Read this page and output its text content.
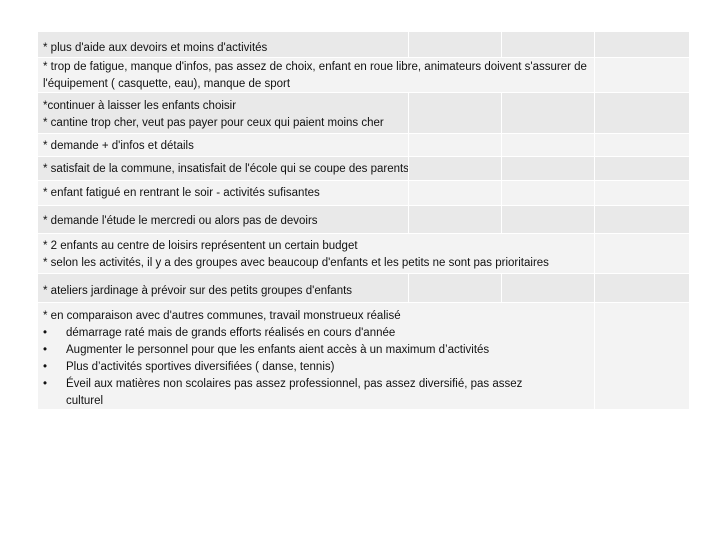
* plus d'aide aux devoirs et moins d'activités
* trop de fatigue, manque d'infos, pas assez de choix, enfant en roue libre, animateurs doivent s'assurer de
l'équipement ( casquette, eau), manque de sport
*continuer à laisser les enfants choisir
* cantine trop cher, veut pas payer pour ceux qui paient moins cher
* demande + d'infos et détails
* satisfait de la commune, insatisfait de l'école qui se coupe des parents
* enfant fatigué en rentrant le soir - activités sufisantes
* demande l'étude le mercredi ou alors pas de devoirs
* 2 enfants au centre de loisirs représentent un certain budget
* selon les activités, il y a des groupes avec beaucoup d'enfants et les petits ne sont pas prioritaires
* ateliers jardinage à prévoir sur des petits groupes d'enfants
* en comparaison avec d'autres communes, travail monstrueux réalisé
•	démarrage raté mais de grands efforts réalisés en cours d'année
•	Augmenter le personnel pour que les enfants aient accès à un maximum d’activités
•	Plus d’activités sportives diversifiées ( danse, tennis)
•	Éveil aux matières non scolaires pas assez professionnel, pas assez diversifié, pas assez
culturel
